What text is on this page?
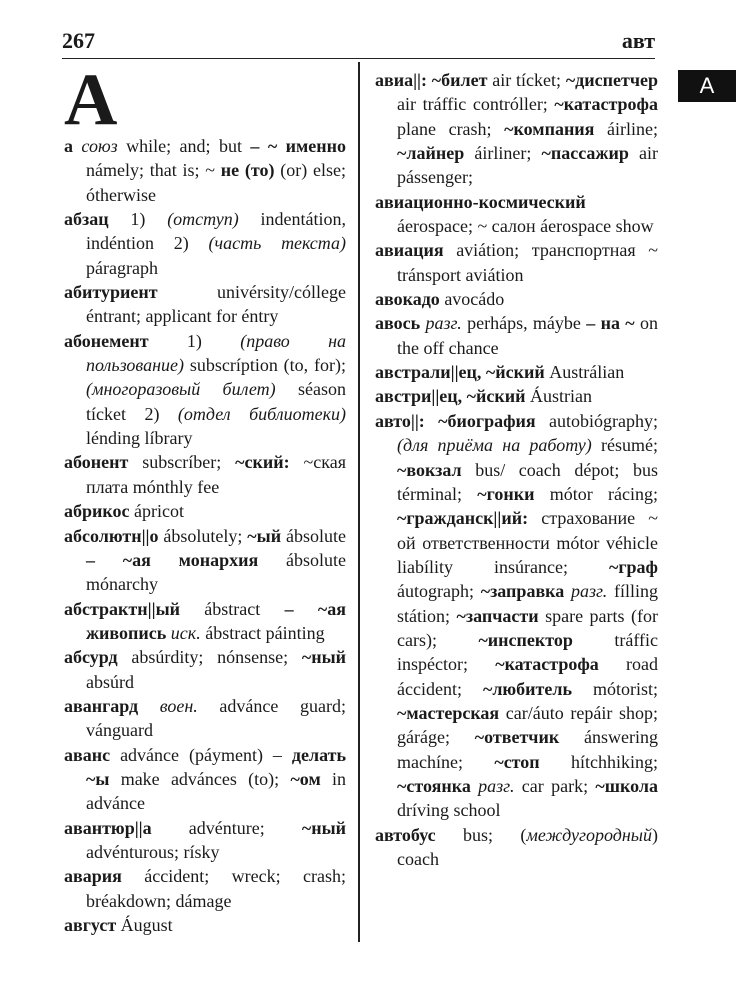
267	авт
А
А
а союз while; and; but – ~ именно námely; that is; ~ не (то) (or) else; ótherwise
абзац 1) (отступ) indentátion, indéntion 2) (часть текста) páragraph
абитуриент univérsity/cóllege éntrant; applicant for éntry
абонемент 1) (право на пользование) subscríption (to, for); (многоразовый билет) séason tícket 2) (отдел библиотеки) lénding líbrary
абонент subscríber; ~ский: ~ская плата mónthly fee
абрикос ápricot
абсолютн||о ábsolutely; ~ый ábsolute – ~ая монархия ábsolute mónarchy
абстрактн||ый ábstract – ~ая живопись иск. ábstract páinting
абсурд absúrdity; nónsense; ~ный absúrd
авангард воен. advánce guard; vánguard
аванс advánce (páyment) – делать ~ы make advánces (to); ~ом in advánce
авантюр||а advénture; ~ный advénturous; rísky
авария áccident; wreck; crash; bréakdown; dámage
август Áugust
авиа||: ~билет air tícket; ~диспетчер air tráffic contróller; ~катастрофа plane crash; ~компания áirline; ~лайнер áirliner; ~пассажир air pássenger;
авиационно-космический áerospace; ~ салон áerospace show
авиация aviátion; транспортная ~ tránsport aviátion
авокадо avocádo
авось разг. perháps, máybe – на ~ on the off chance
австрали||ец, ~йский Austrálian
австри||ец, ~йский Áustrian
авто||: ~биография autobiógraphy; (для приёма на работу) résumé; ~вокзал bus/ coach dépot; bus términal; ~гонки mótor rácing; ~гражданск||ий: страхование ~ ой ответственности mótor véhicle liabílity insúrance; ~граф áutograph; ~заправка разг. fílling státion; ~запчасти spare parts (for cars); ~инспектор tráffic inspéctor; ~катастрофа road áccident; ~любитель mótorist; ~мастерская car/áuto repáir shop; gáráge; ~ответчик ánswering machíne; ~стоп hítchhiking; ~стоянка разг. car park; ~школа dríving school
автобус bus; (междугородный) coach
